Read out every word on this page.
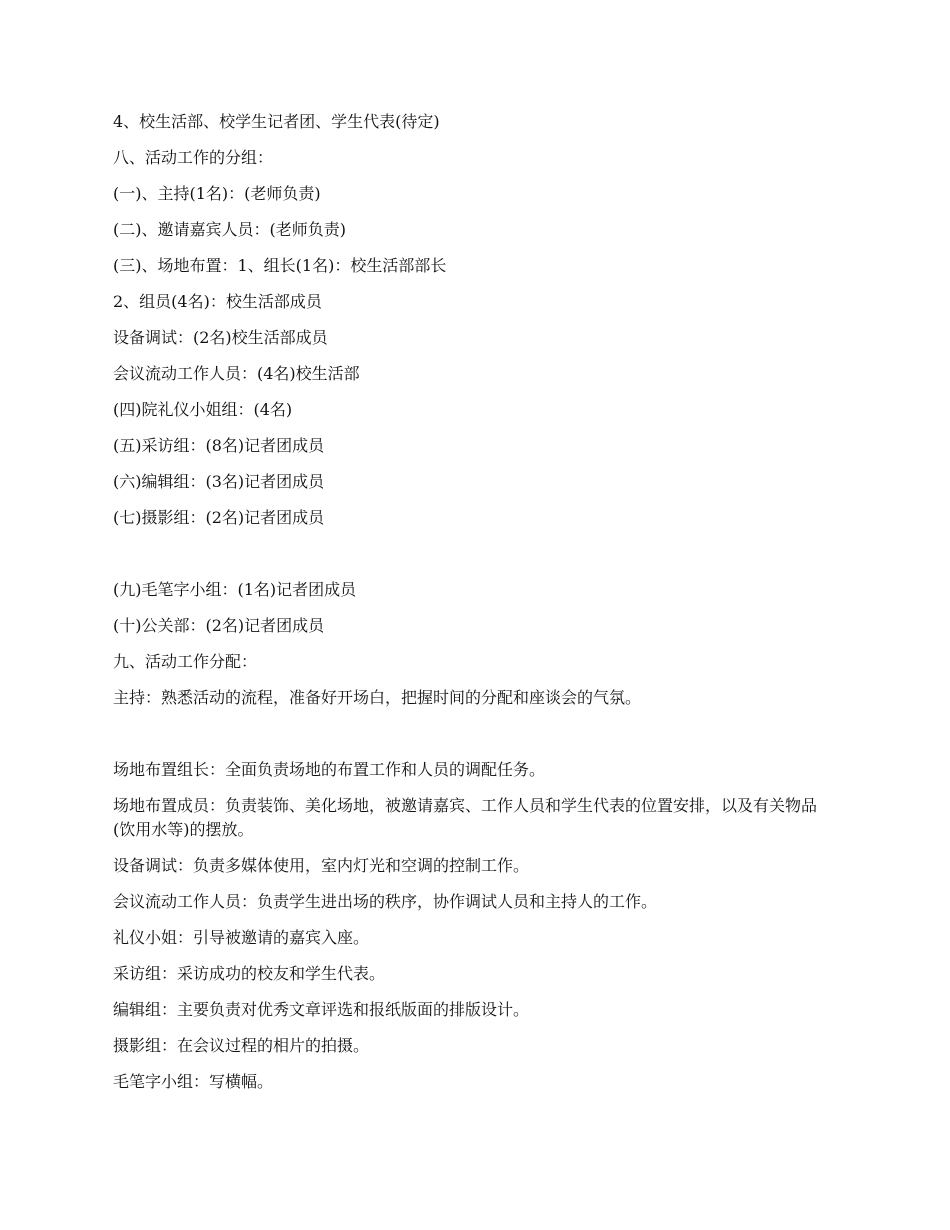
4、校生活部、校学生记者团、学生代表(待定)

八、活动工作的分组：

(一)、主持(1名)：(老师负责)

(二)、邀请嘉宾人员：(老师负责)

(三)、场地布置：1、组长(1名)：校生活部部长

2、组员(4名)：校生活部成员

设备调试：(2名)校生活部成员

会议流动工作人员：(4名)校生活部

(四)院礼仪小姐组：(4名)

(五)采访组：(8名)记者团成员

(六)编辑组：(3名)记者团成员

(七)摄影组：(2名)记者团成员

(九)毛笔字小组：(1名)记者团成员

(十)公关部：(2名)记者团成员

九、活动工作分配：

主持：熟悉活动的流程，准备好开场白，把握时间的分配和座谈会的气氛。

场地布置组长：全面负责场地的布置工作和人员的调配任务。

场地布置成员：负责装饰、美化场地，被邀请嘉宾、工作人员和学生代表的位置安排，以及有关物品(饮用水等)的摆放。

设备调试：负责多媒体使用，室内灯光和空调的控制工作。

会议流动工作人员：负责学生进出场的秩序，协作调试人员和主持人的工作。

礼仪小姐：引导被邀请的嘉宾入座。

采访组：采访成功的校友和学生代表。

编辑组：主要负责对优秀文章评选和报纸版面的排版设计。

摄影组：在会议过程的相片的拍摄。

毛笔字小组：写横幅。
